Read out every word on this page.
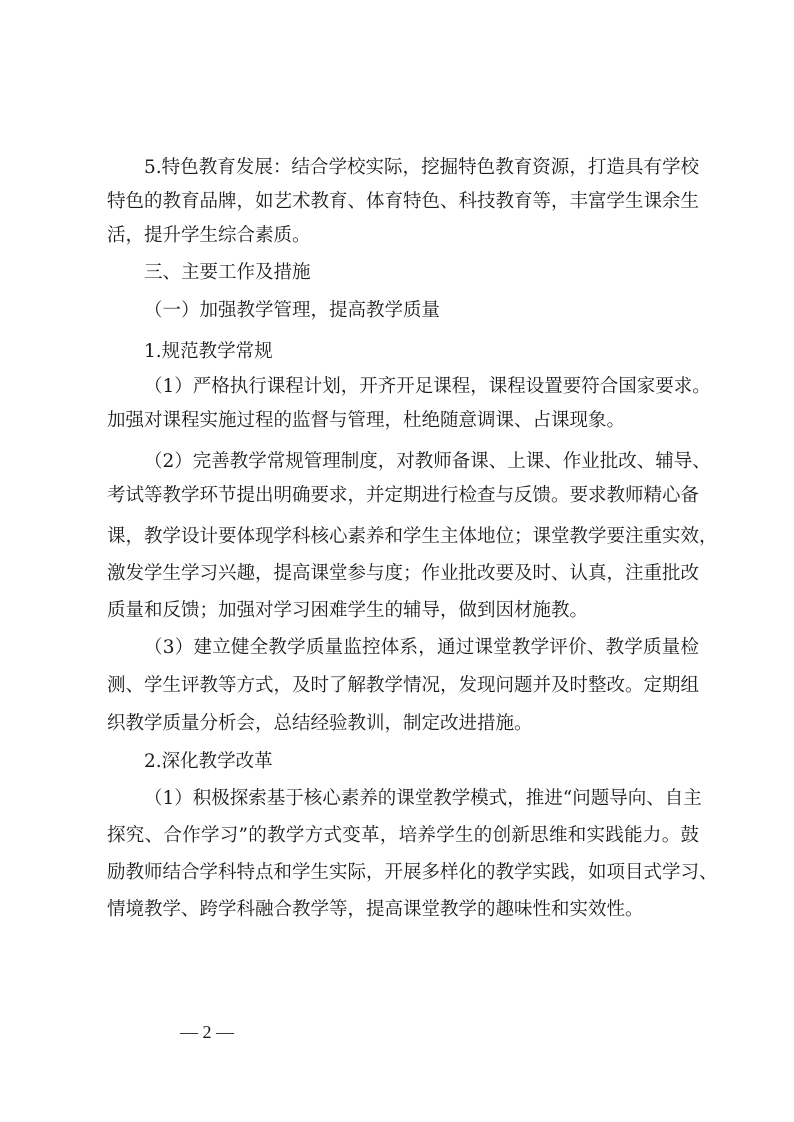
5.特色教育发展：结合学校实际，挖掘特色教育资源，打造具有学校
特色的教育品牌，如艺术教育、体育特色、科技教育等，丰富学生课余生
活，提升学生综合素质。
三、主要工作及措施
（一）加强教学管理，提高教学质量
1.规范教学常规
（1）严格执行课程计划，开齐开足课程，课程设置要符合国家要求。
加强对课程实施过程的监督与管理，杜绝随意调课、占课现象。
（2）完善教学常规管理制度，对教师备课、上课、作业批改、辅导、
考试等教学环节提出明确要求，并定期进行检查与反馈。要求教师精心备
课，教学设计要体现学科核心素养和学生主体地位；课堂教学要注重实效，
激发学生学习兴趣，提高课堂参与度；作业批改要及时、认真，注重批改
质量和反馈；加强对学习困难学生的辅导，做到因材施教。
（3）建立健全教学质量监控体系，通过课堂教学评价、教学质量检
测、学生评教等方式，及时了解教学情况，发现问题并及时整改。定期组
织教学质量分析会，总结经验教训，制定改进措施。
2.深化教学改革
（1）积极探索基于核心素养的课堂教学模式，推进“问题导向、自主
探究、合作学习”的教学方式变革，培养学生的创新思维和实践能力。鼓
励教师结合学科特点和学生实际，开展多样化的教学实践，如项目式学习、
情境教学、跨学科融合教学等，提高课堂教学的趣味性和实效性。
— 2 —
